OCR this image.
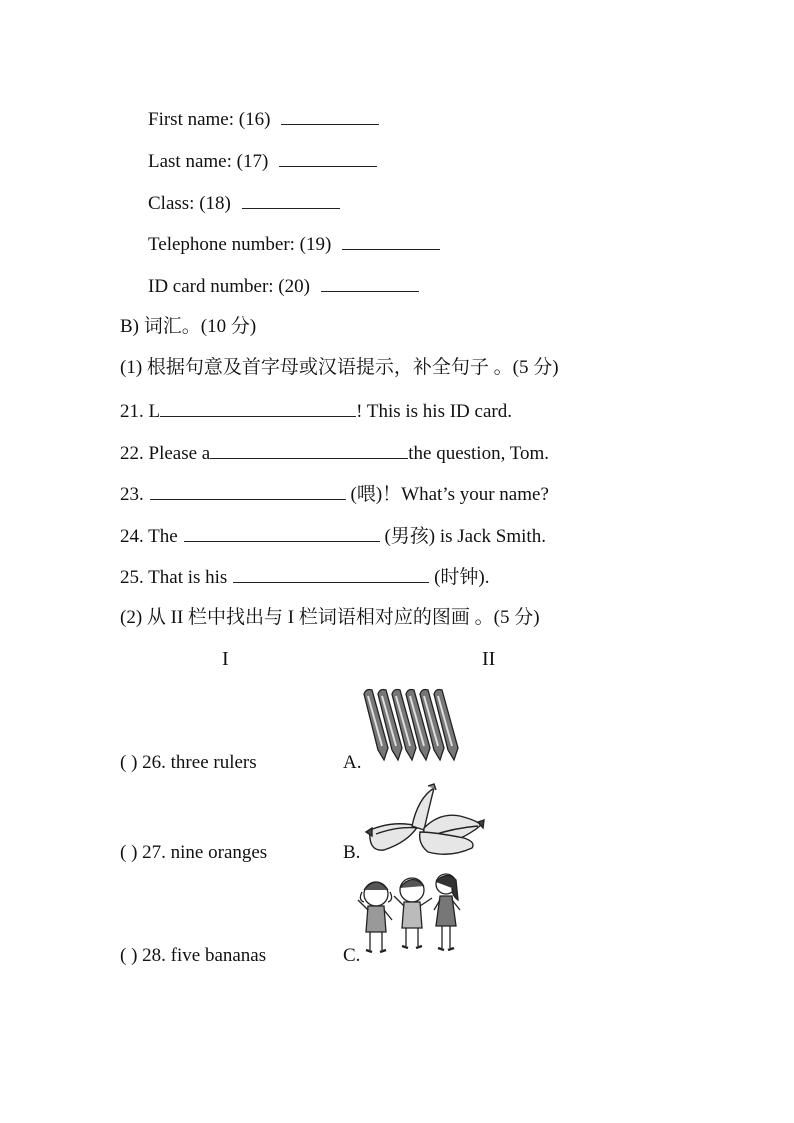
First name: (16)
Last name: (17)
Class: (18)
Telephone number: (19)
ID card number: (20)
B) 词汇。(10 分)
(1) 根据句意及首字母或汉语提示，补全句子 。(5 分)
21. L	! This is his ID card.
22. Please a	the question, Tom.
23.	(喂)！What’s your name?
24. The	(男孩) is Jack Smith.
25. That is his	(时钟).
(2) 从 II 栏中找出与 I 栏词语相对应的图画 。(5 分)
I	II
( ) 26. three rulers	A.
( ) 27. nine oranges	B.
( ) 28. five bananas	C.
